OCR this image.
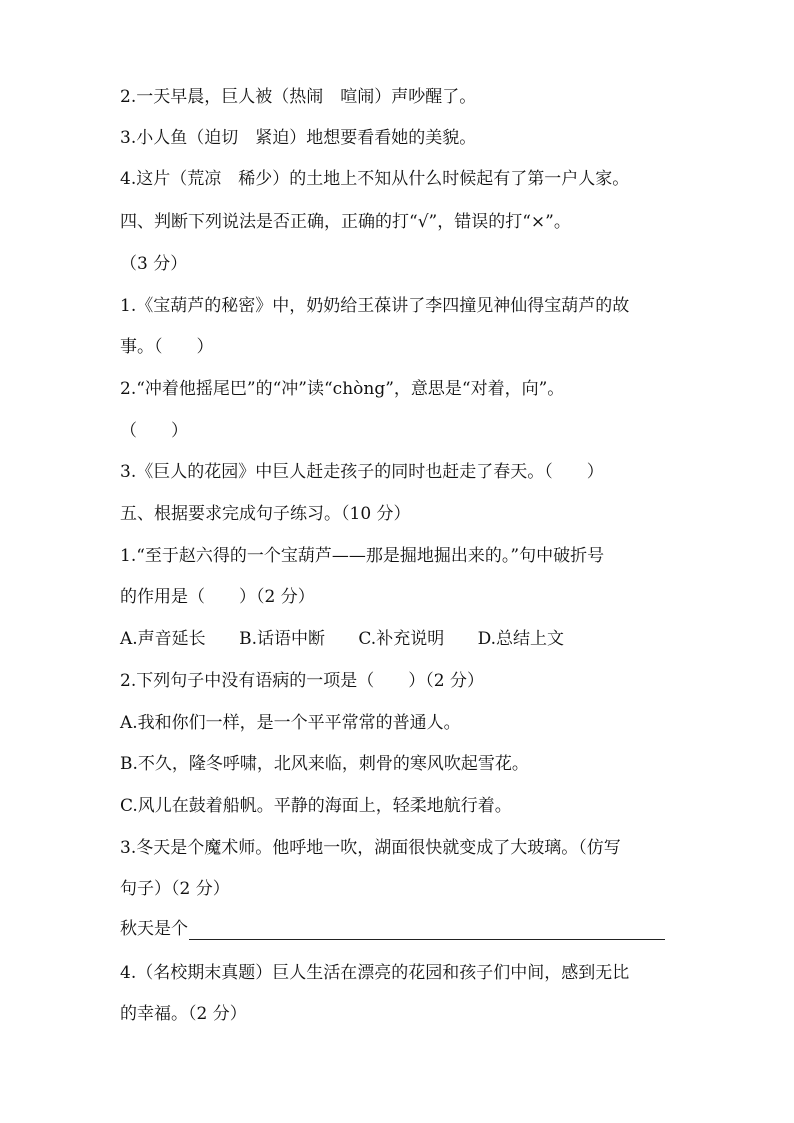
2.一天早晨，巨人被（热闹　喧闹）声吵醒了。
3.小人鱼（迫切　紧迫）地想要看看她的美貌。
4.这片（荒凉　稀少）的土地上不知从什么时候起有了第一户人家。
四、判断下列说法是否正确，正确的打“√”，错误的打“×”。
（3 分）
1.《宝葫芦的秘密》中，奶奶给王葆讲了李四撞见神仙得宝葫芦的故
事。（　　）
2.“冲着他摇尾巴”的“冲”读“chòng”，意思是“对着，向”。
（　　）
3.《巨人的花园》中巨人赶走孩子的同时也赶走了春天。（　　）
五、根据要求完成句子练习。（10 分）
1.“至于赵六得的一个宝葫芦——那是掘地掘出来的。”句中破折号
的作用是（　　）（2 分）
A.声音延长 B.话语中断 C.补充说明 D.总结上文
2.下列句子中没有语病的一项是（　　）（2 分）
A.我和你们一样，是一个平平常常的普通人。
B.不久，隆冬呼啸，北风来临，刺骨的寒风吹起雪花。
C.风儿在鼓着船帆。平静的海面上，轻柔地航行着。
3.冬天是个魔术师。他呼地一吹，湖面很快就变成了大玻璃。（仿写
句子）（2 分）
秋天是个
4.（名校期末真题）巨人生活在漂亮的花园和孩子们中间，感到无比
的幸福。（2 分）
